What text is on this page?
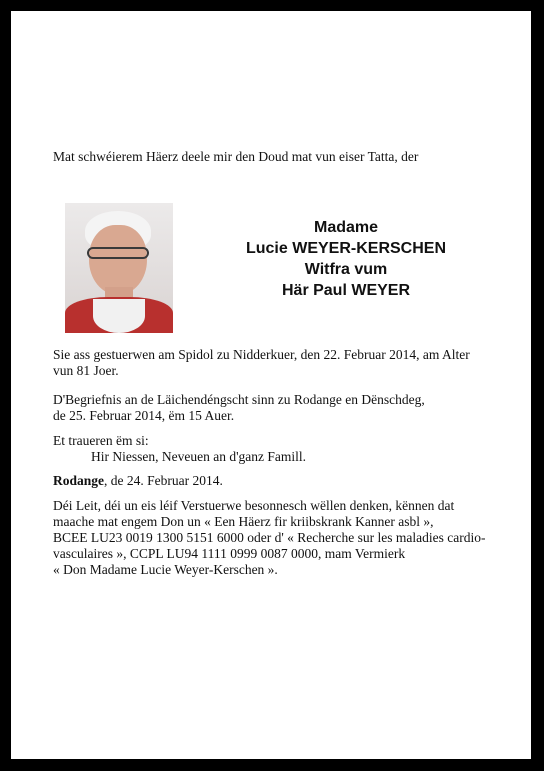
Mat schwéierem Häerz deele mir den Doud mat vun eiser Tatta, der
Madame
Lucie WEYER-KERSCHEN
Witfra vum
Här Paul WEYER
Sie ass gestuerwen am Spidol zu Nidderkuer, den 22. Februar 2014, am Alter
vun 81 Joer.
D'Begriefnis an de Läichendéngscht sinn zu Rodange en Dënschdeg,
de 25. Februar 2014, ëm 15 Auer.
Et traueren ëm si:
Hir Niessen, Neveuen an d'ganz Famill.
Rodange, de 24. Februar 2014.
Déi Leit, déi un eis léif Verstuerwe besonnesch wëllen denken, kënnen dat
maache mat engem Don un « Een Häerz fir kriibskrank Kanner asbl »,
BCEE LU23 0019 1300 5151 6000 oder d' « Recherche sur les maladies cardio-
vasculaires », CCPL LU94 1111 0999 0087 0000, mam Vermierk
« Don Madame Lucie Weyer-Kerschen ».
